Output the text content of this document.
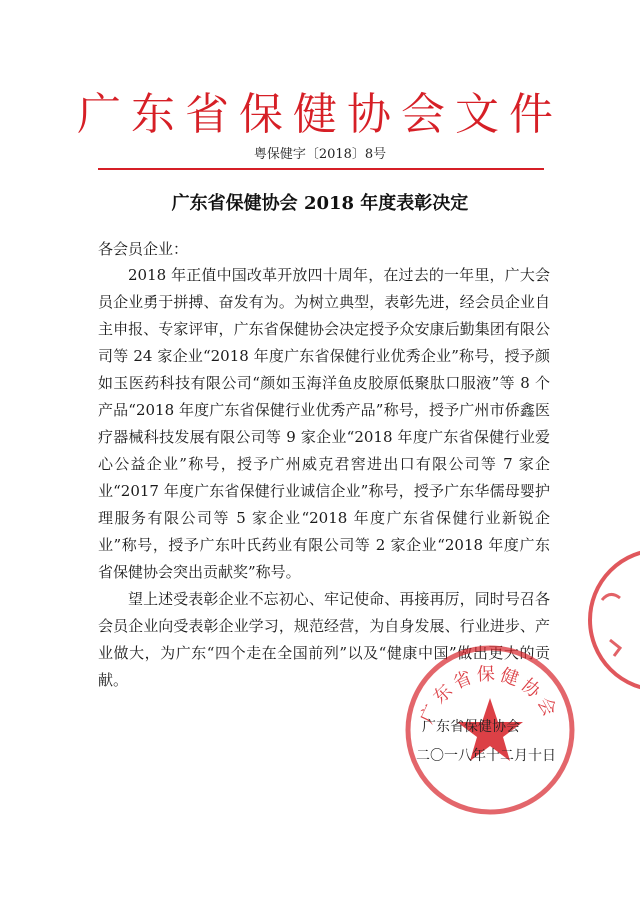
广东省保健协会文件
粤保健字〔2018〕8号
广东省保健协会 2018 年度表彰决定
各会员企业：

2018 年正值中国改革开放四十周年，在过去的一年里，广大会员企业勇于拼搏、奋发有为。为树立典型，表彰先进，经会员企业自主申报、专家评审，广东省保健协会决定授予众安康后勤集团有限公司等 24 家企业“2018 年度广东省保健行业优秀企业”称号，授予颜如玉医药科技有限公司“颜如玉海洋鱼皮胶原低聚肽口服液”等 8 个产品“2018 年度广东省保健行业优秀产品”称号，授予广州市侨鑫医疗器械科技发展有限公司等 9 家企业“2018 年度广东省保健行业爱心公益企业”称号，授予广州威克君窖进出口有限公司等 7 家企业“2017 年度广东省保健行业诚信企业”称号，授予广东华儒母婴护理服务有限公司等 5 家企业“2018 年度广东省保健行业新锐企业”称号，授予广东叶氏药业有限公司等 2 家企业“2018 年度广东省保健协会突出贡献奖”称号。

望上述受表彰企业不忘初心、牢记使命、再接再厉，同时号召各会员企业向受表彰企业学习，规范经营，为自身发展、行业进步、产业做大，为广东“四个走在全国前列”以及“健康中国”做出更大的贡献。

广东省保健协会
广东省保健协会
二〇一八年十二月十日
